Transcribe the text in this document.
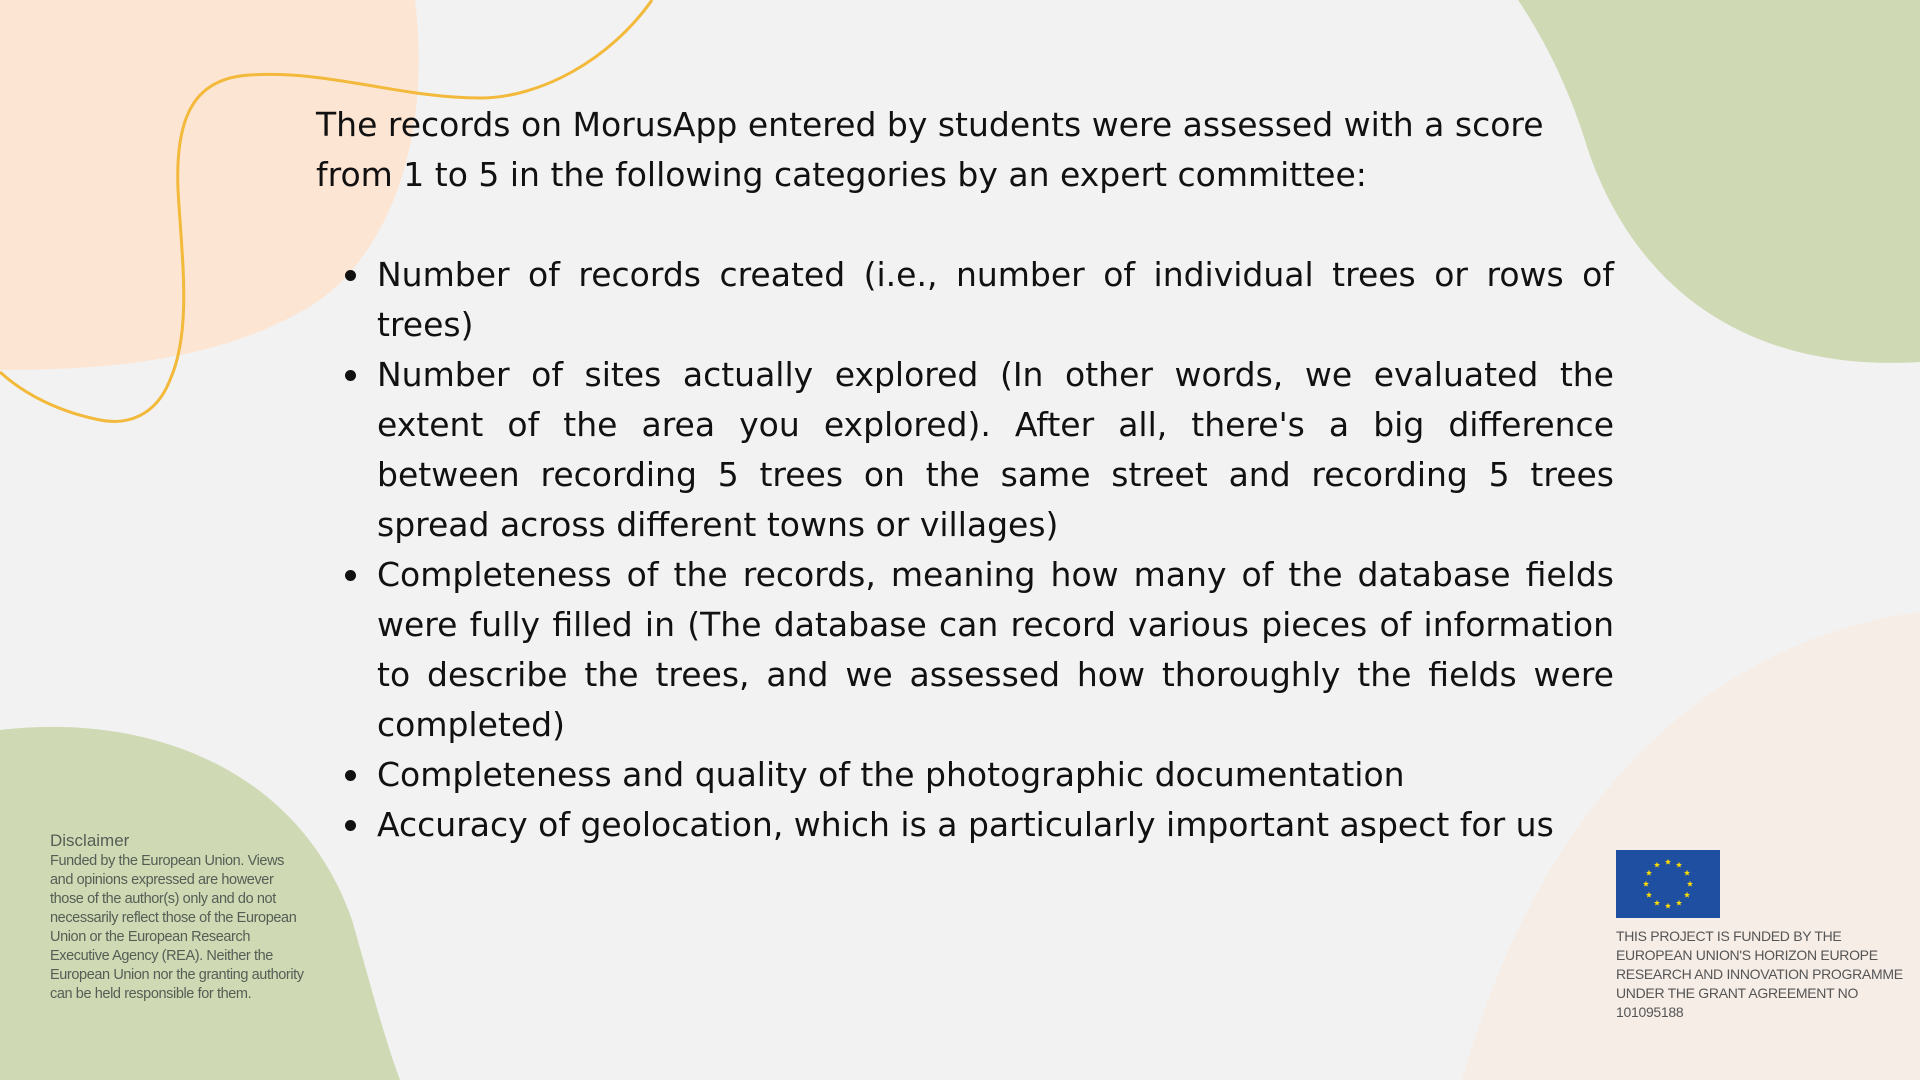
The records on MorusApp entered by students were assessed with a score from 1 to 5 in the following categories by an expert committee:

Number of records created (i.e., number of individual trees or rows of trees)
Number of sites actually explored (In other words, we evaluated the extent of the area you explored). After all, there's a big difference between recording 5 trees on the same street and recording 5 trees spread across different towns or villages)
Completeness of the records, meaning how many of the database fields were fully filled in (The database can record various pieces of information to describe the trees, and we assessed how thoroughly the fields were completed)
Completeness and quality of the photographic documentation
Accuracy of geolocation, which is a particularly important aspect for us
Disclaimer
Funded by the European Union. Views and opinions expressed are however those of the author(s) only and do not necessarily reflect those of the European Union or the European Research Executive Agency (REA). Neither the European Union nor the granting authority can be held responsible for them.
THIS PROJECT IS FUNDED BY THE EUROPEAN UNION'S HORIZON EUROPE RESEARCH AND INNOVATION PROGRAMME UNDER THE GRANT AGREEMENT NO 101095188
